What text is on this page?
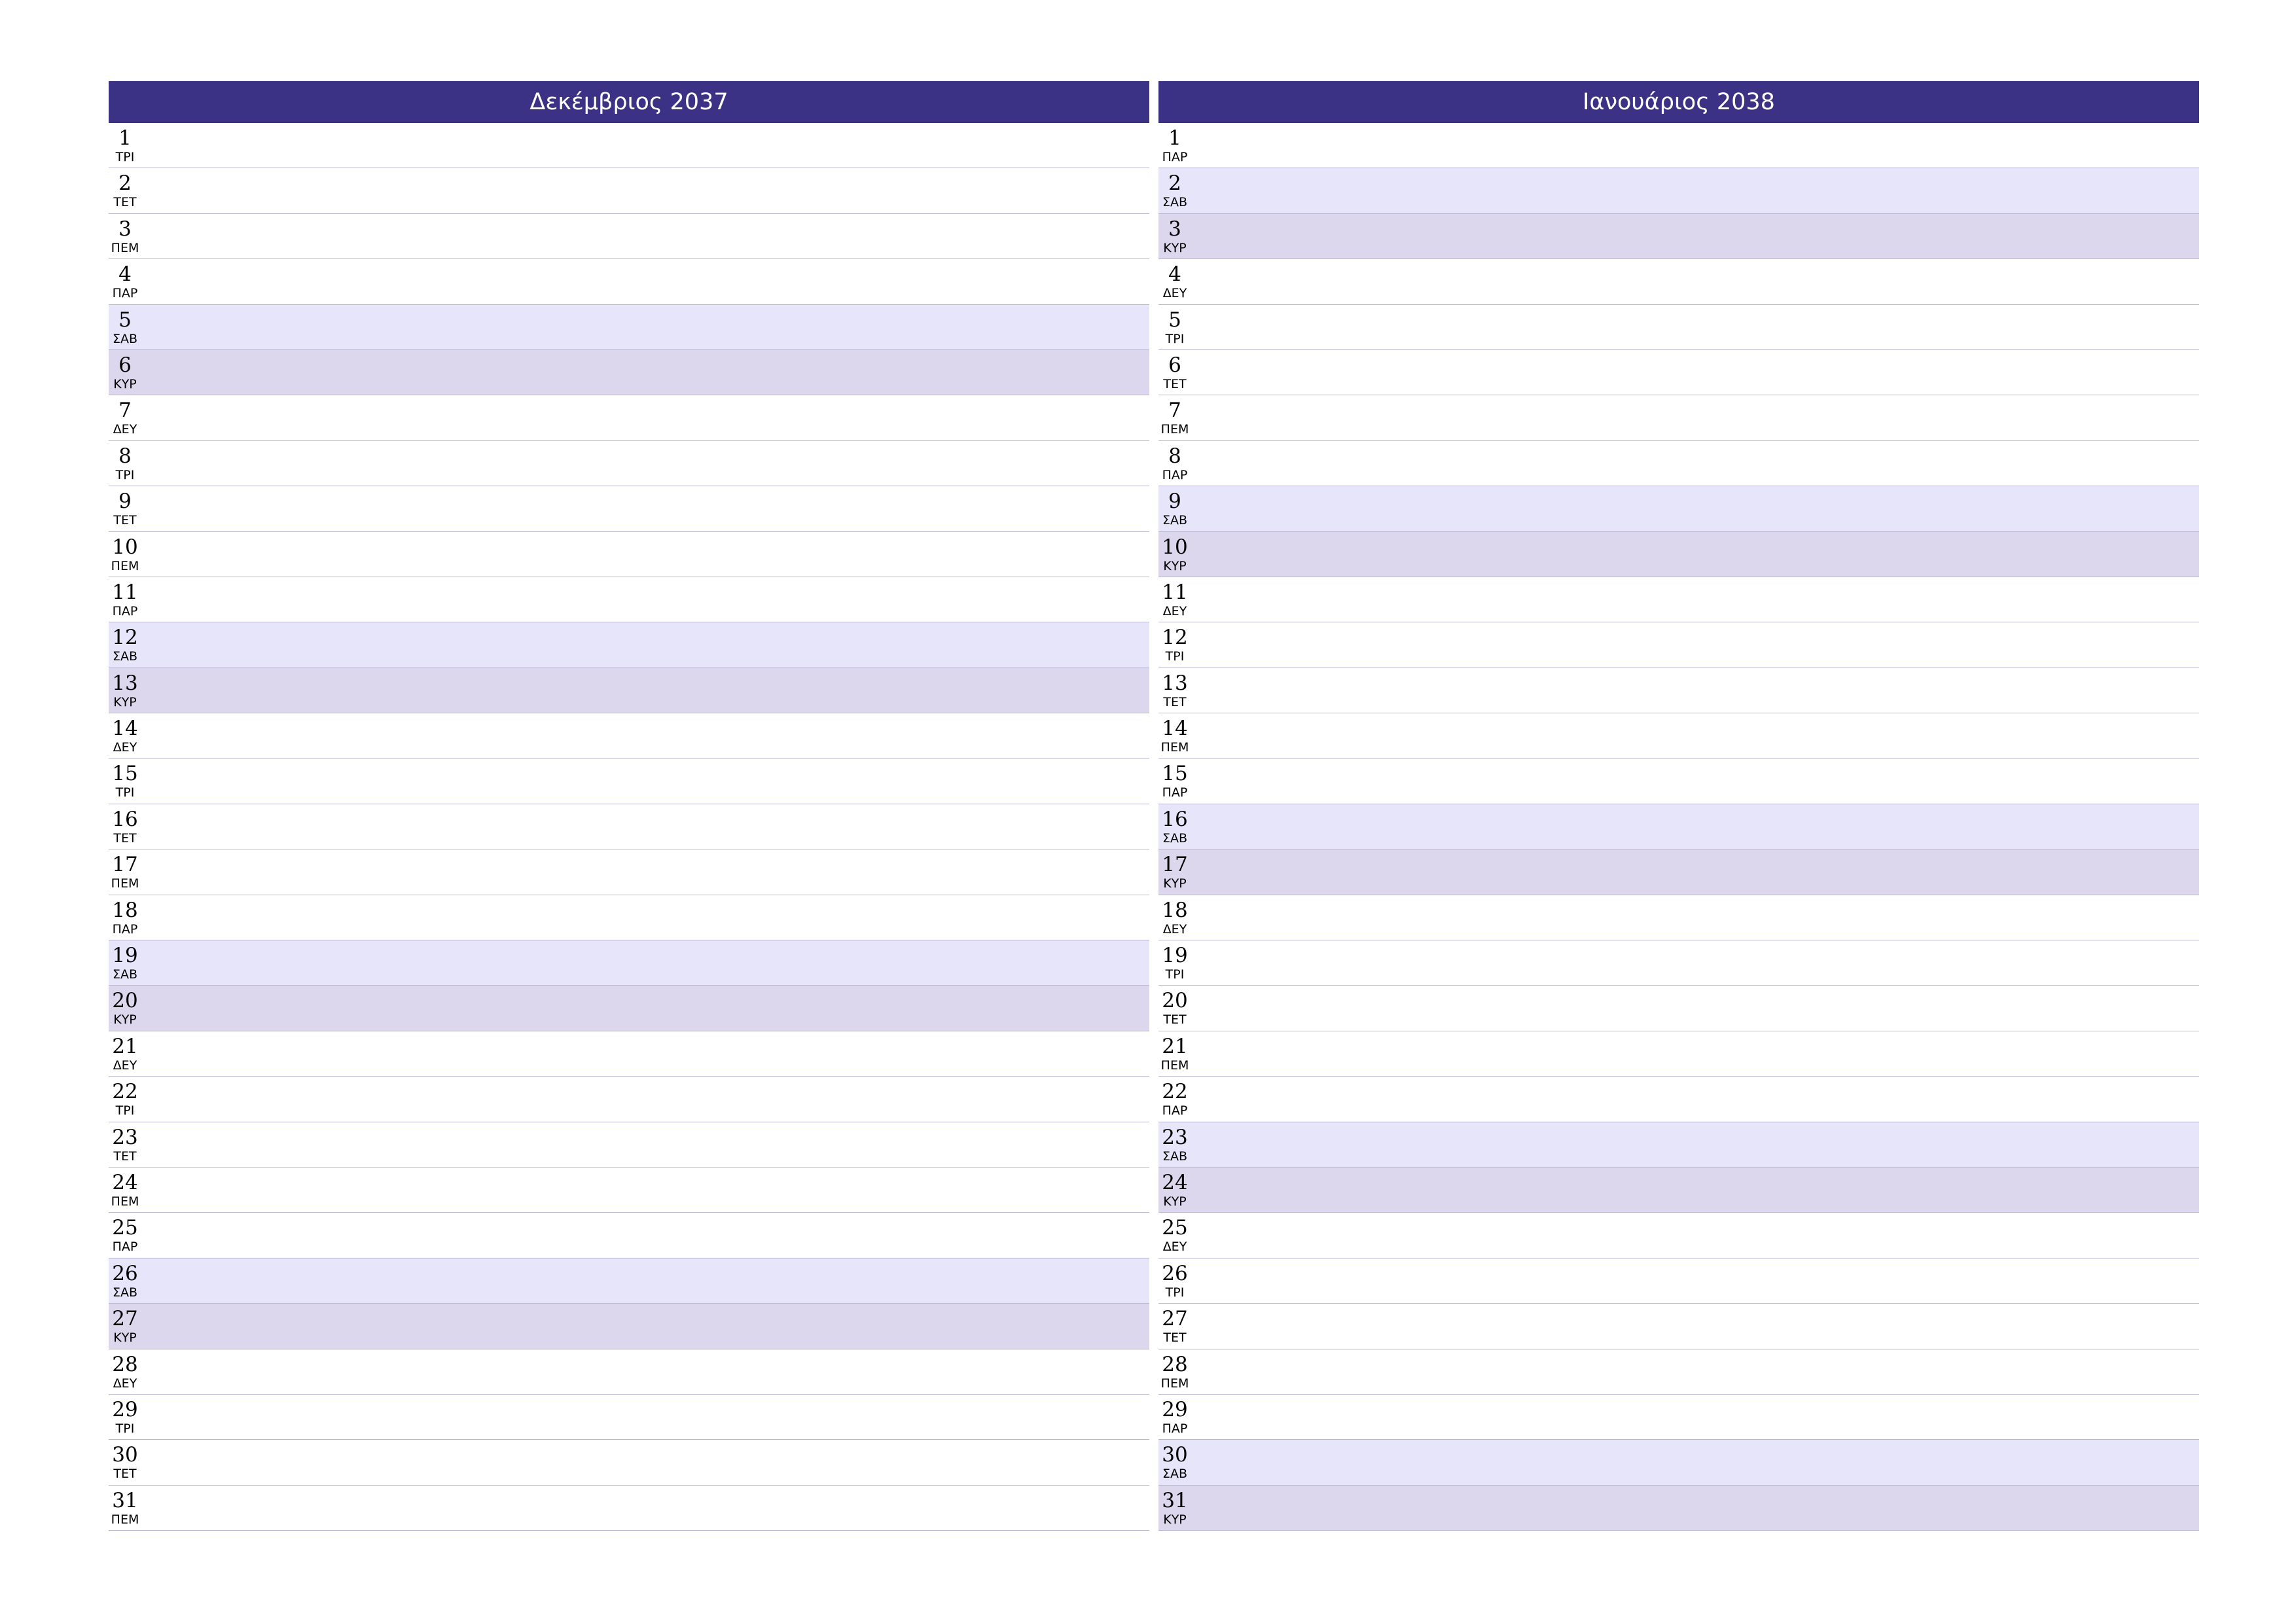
Δεκέμβριος 2037
1
ΤΡΙ
2
ΤΕΤ
3
ΠΕΜ
4
ΠΑΡ
5
ΣΑΒ
6
ΚΥΡ
7
ΔΕΥ
8
ΤΡΙ
9
ΤΕΤ
10
ΠΕΜ
11
ΠΑΡ
12
ΣΑΒ
13
ΚΥΡ
14
ΔΕΥ
15
ΤΡΙ
16
ΤΕΤ
17
ΠΕΜ
18
ΠΑΡ
19
ΣΑΒ
20
ΚΥΡ
21
ΔΕΥ
22
ΤΡΙ
23
ΤΕΤ
24
ΠΕΜ
25
ΠΑΡ
26
ΣΑΒ
27
ΚΥΡ
28
ΔΕΥ
29
ΤΡΙ
30
ΤΕΤ
31
ΠΕΜ
Ιανουάριος 2038
1
ΠΑΡ
2
ΣΑΒ
3
ΚΥΡ
4
ΔΕΥ
5
ΤΡΙ
6
ΤΕΤ
7
ΠΕΜ
8
ΠΑΡ
9
ΣΑΒ
10
ΚΥΡ
11
ΔΕΥ
12
ΤΡΙ
13
ΤΕΤ
14
ΠΕΜ
15
ΠΑΡ
16
ΣΑΒ
17
ΚΥΡ
18
ΔΕΥ
19
ΤΡΙ
20
ΤΕΤ
21
ΠΕΜ
22
ΠΑΡ
23
ΣΑΒ
24
ΚΥΡ
25
ΔΕΥ
26
ΤΡΙ
27
ΤΕΤ
28
ΠΕΜ
29
ΠΑΡ
30
ΣΑΒ
31
ΚΥΡ
